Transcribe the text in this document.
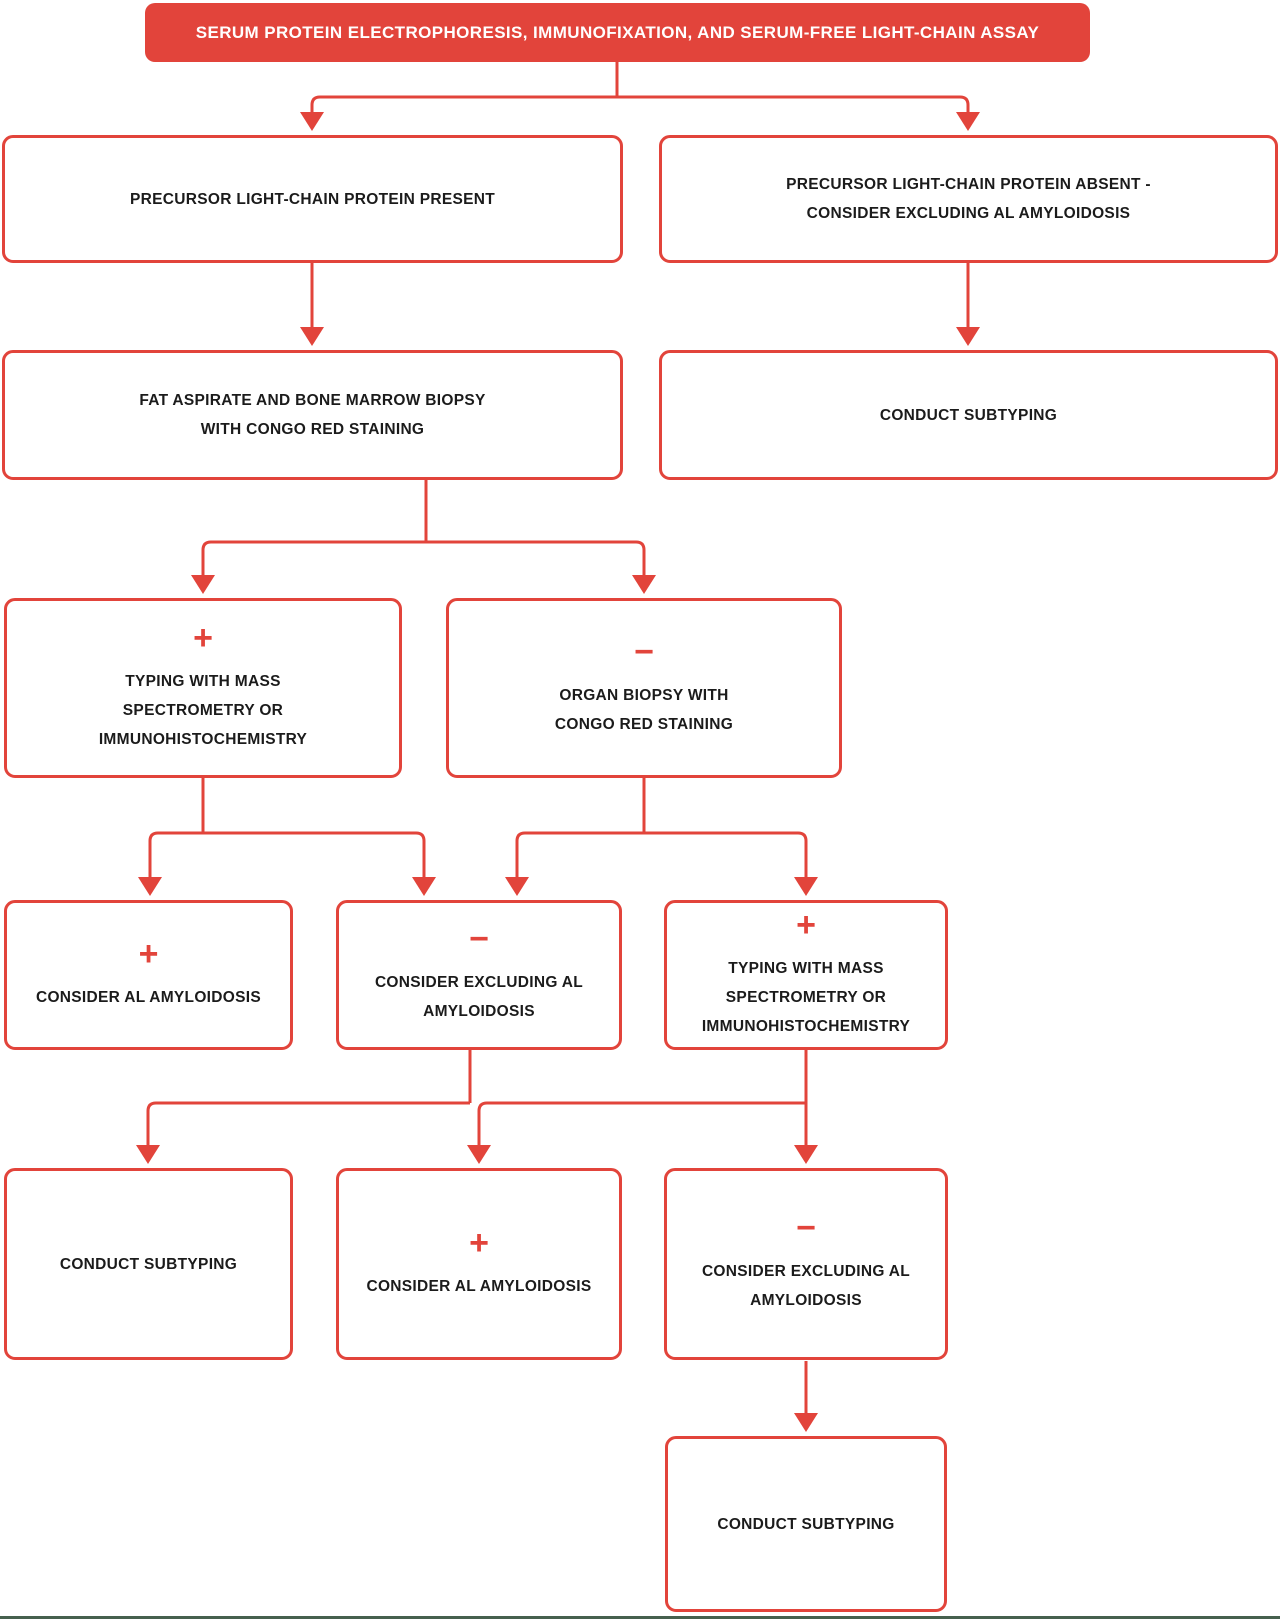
SERUM PROTEIN ELECTROPHORESIS, IMMUNOFIXATION, AND SERUM-FREE LIGHT-CHAIN ASSAY
PRECURSOR LIGHT-CHAIN PROTEIN PRESENT
PRECURSOR LIGHT-CHAIN PROTEIN ABSENT -
CONSIDER EXCLUDING AL AMYLOIDOSIS
FAT ASPIRATE AND BONE MARROW BIOPSY
WITH CONGO RED STAINING
CONDUCT SUBTYPING
+
TYPING WITH MASS
SPECTROMETRY OR
IMMUNOHISTOCHEMISTRY
−
ORGAN BIOPSY WITH
CONGO RED STAINING
+
CONSIDER AL AMYLOIDOSIS
−
CONSIDER EXCLUDING AL
AMYLOIDOSIS
+
TYPING WITH MASS
SPECTROMETRY OR
IMMUNOHISTOCHEMISTRY
CONDUCT SUBTYPING
+
CONSIDER AL AMYLOIDOSIS
−
CONSIDER EXCLUDING AL
AMYLOIDOSIS
CONDUCT SUBTYPING
